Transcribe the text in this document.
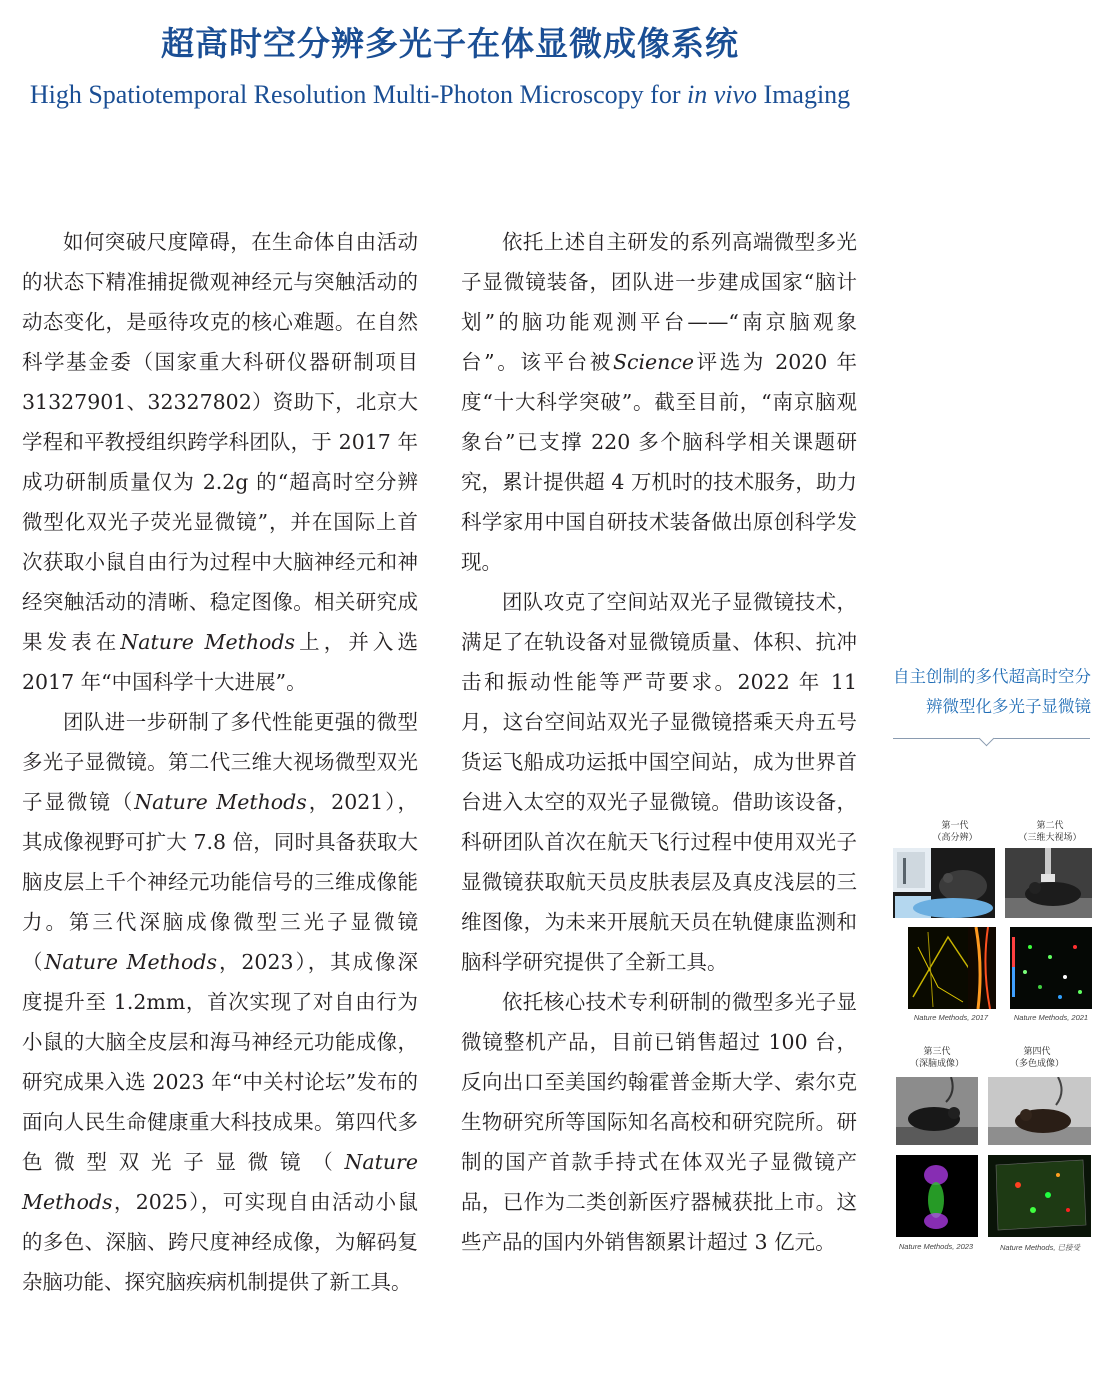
超高时空分辨多光子在体显微成像系统
High Spatiotemporal Resolution Multi-Photon Microscopy for in vivo Imaging

如何突破尺度障碍，在生命体自由活动的状态下精准捕捉微观神经元与突触活动的动态变化，是亟待攻克的核心难题。在自然科学基金委（国家重大科研仪器研制项目 31327901、32327802）资助下，北京大学程和平教授组织跨学科团队，于 2017 年成功研制质量仅为 2.2g 的“超高时空分辨微型化双光子荧光显微镜”，并在国际上首次获取小鼠自由行为过程中大脑神经元和神经突触活动的清晰、稳定图像。相关研究成果发表在Nature Methods上，并入选 2017 年“中国科学十大进展”。

团队进一步研制了多代性能更强的微型多光子显微镜。第二代三维大视场微型双光子显微镜（Nature Methods，2021），其成像视野可扩大 7.8 倍，同时具备获取大脑皮层上千个神经元功能信号的三维成像能力。第三代深脑成像微型三光子显微镜（Nature Methods，2023），其成像深度提升至 1.2mm，首次实现了对自由行为小鼠的大脑全皮层和海马神经元功能成像，研究成果入选 2023 年“中关村论坛”发布的面向人民生命健康重大科技成果。第四代多色微型双光子显微镜（Nature Methods，2025），可实现自由活动小鼠的多色、深脑、跨尺度神经成像，为解码复杂脑功能、探究脑疾病机制提供了新工具。

依托上述自主研发的系列高端微型多光子显微镜装备，团队进一步建成国家“脑计划”的脑功能观测平台——“南京脑观象台”。该平台被Science评选为 2020 年度“十大科学突破”。截至目前，“南京脑观象台”已支撑 220 多个脑科学相关课题研究，累计提供超 4 万机时的技术服务，助力科学家用中国自研技术装备做出原创科学发现。

团队攻克了空间站双光子显微镜技术，满足了在轨设备对显微镜质量、体积、抗冲击和振动性能等严苛要求。2022 年 11 月，这台空间站双光子显微镜搭乘天舟五号货运飞船成功运抵中国空间站，成为世界首台进入太空的双光子显微镜。借助该设备，科研团队首次在航天飞行过程中使用双光子显微镜获取航天员皮肤表层及真皮浅层的三维图像，为未来开展航天员在轨健康监测和脑科学研究提供了全新工具。

依托核心技术专利研制的微型多光子显微镜整机产品，目前已销售超过 100 台，反向出口至美国约翰霍普金斯大学、索尔克生物研究所等国际知名高校和研究院所。研制的国产首款手持式在体双光子显微镜产品，已作为二类创新医疗器械获批上市。这些产品的国内外销售额累计超过 3 亿元。

自主创制的多代超高时空分辨微型化多光子显微镜
第一代
（高分辨）
第二代
（三维大视场）
Nature Methods, 2017	Nature Methods, 2021
第三代
（深脑成像）
第四代
（多色成像）
Nature Methods, 2023	Nature Methods, 已接受
